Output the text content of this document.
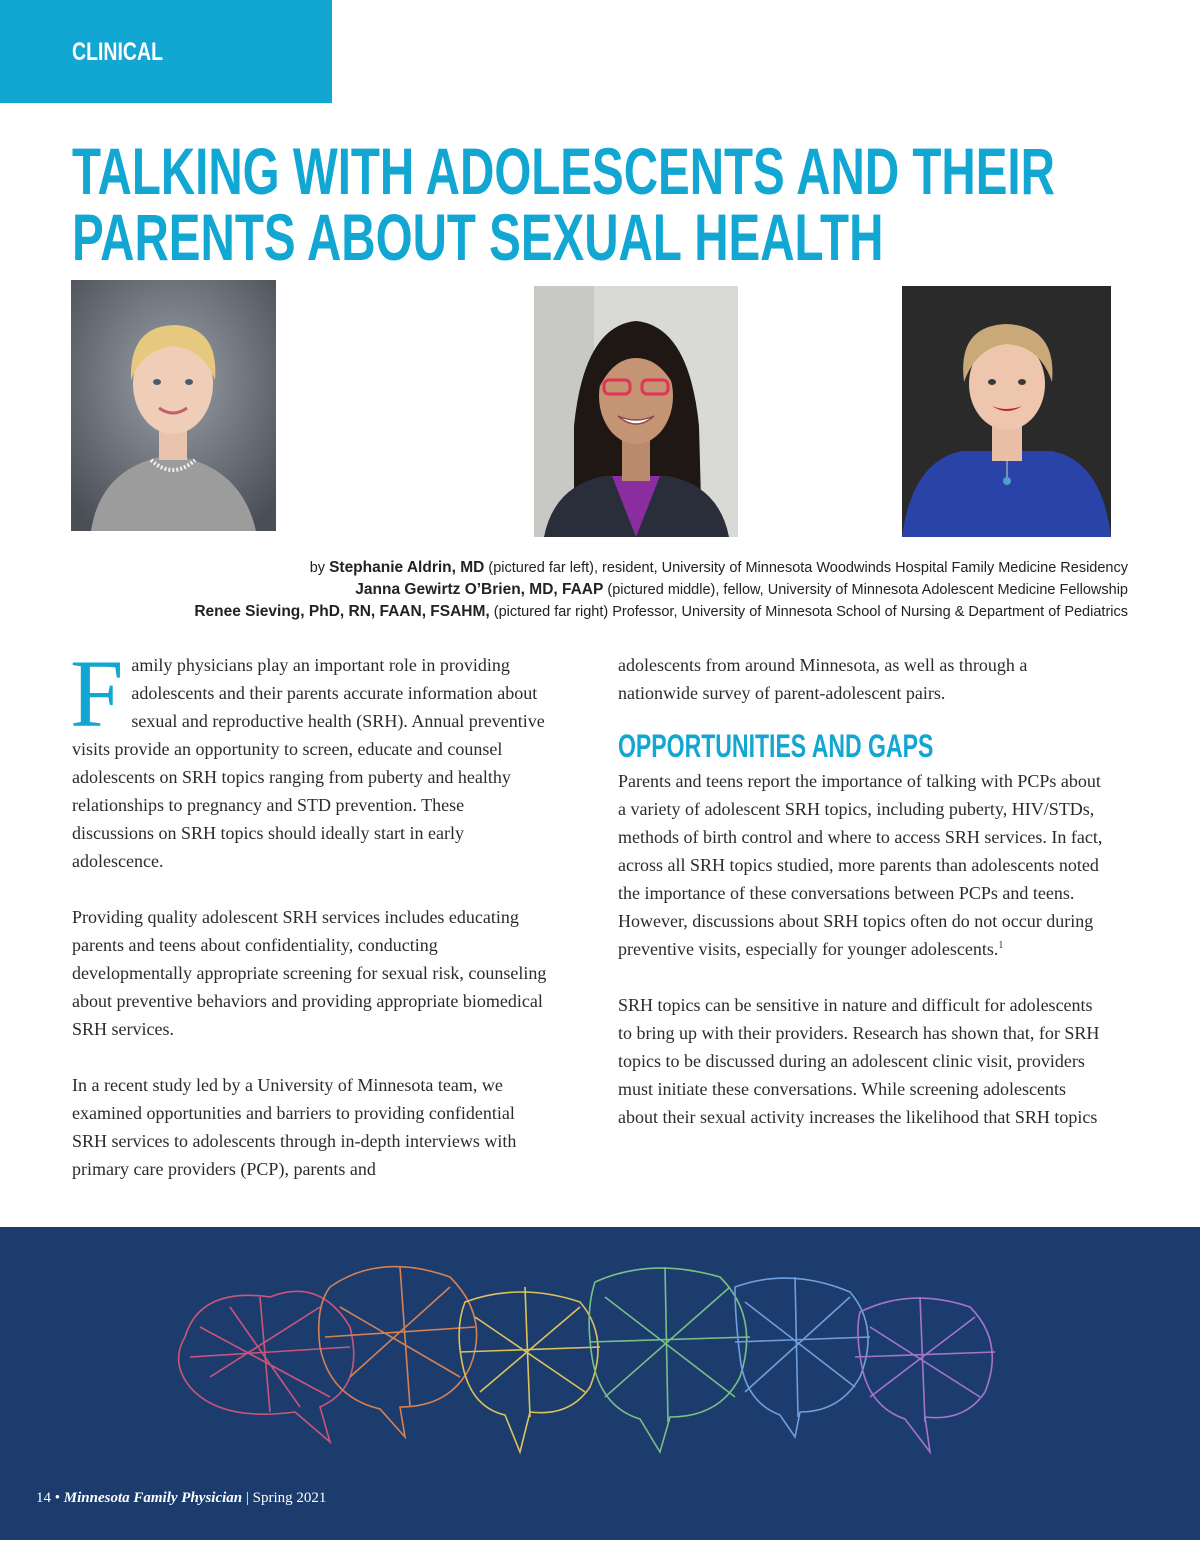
CLINICAL
TALKING WITH ADOLESCENTS AND THEIR
PARENTS ABOUT SEXUAL HEALTH
by Stephanie Aldrin, MD (pictured far left), resident, University of Minnesota Woodwinds Hospital Family Medicine Residency
Janna Gewirtz O’Brien, MD, FAAP (pictured middle), fellow, University of Minnesota Adolescent Medicine Fellowship
Renee Sieving, PhD, RN, FAAN, FSAHM, (pictured far right) Professor, University of Minnesota School of Nursing & Department of Pediatrics

Family physicians play an important role in providing adolescents and their parents accurate information about sexual and reproductive health (SRH). Annual preventive visits provide an opportunity to screen, educate and counsel adolescents on SRH topics ranging from puberty and healthy relationships to pregnancy and STD prevention. These discussions on SRH topics should ideally start in early adolescence.

Providing quality adolescent SRH services includes educating parents and teens about confidentiality, conducting developmentally appropriate screening for sexual risk, counseling about preventive behaviors and providing appropriate biomedical SRH services.

In a recent study led by a University of Minnesota team, we examined opportunities and barriers to providing confidential SRH services to adolescents through in-depth interviews with primary care providers (PCP), parents and

adolescents from around Minnesota, as well as through a nationwide survey of parent-adolescent pairs.

OPPORTUNITIES AND GAPS

Parents and teens report the importance of talking with PCPs about a variety of adolescent SRH topics, including puberty, HIV/STDs, methods of birth control and where to access SRH services. In fact, across all SRH topics studied, more parents than adolescents noted the importance of these conversations between PCPs and teens. However, discussions about SRH topics often do not occur during preventive visits, especially for younger adolescents.$^1$

SRH topics can be sensitive in nature and difficult for adolescents to bring up with their providers. Research has shown that, for SRH topics to be discussed during an adolescent clinic visit, providers must initiate these conversations. While screening adolescents about their sexual activity increases the likelihood that SRH topics

14 • Minnesota Family Physician | Spring 2021
